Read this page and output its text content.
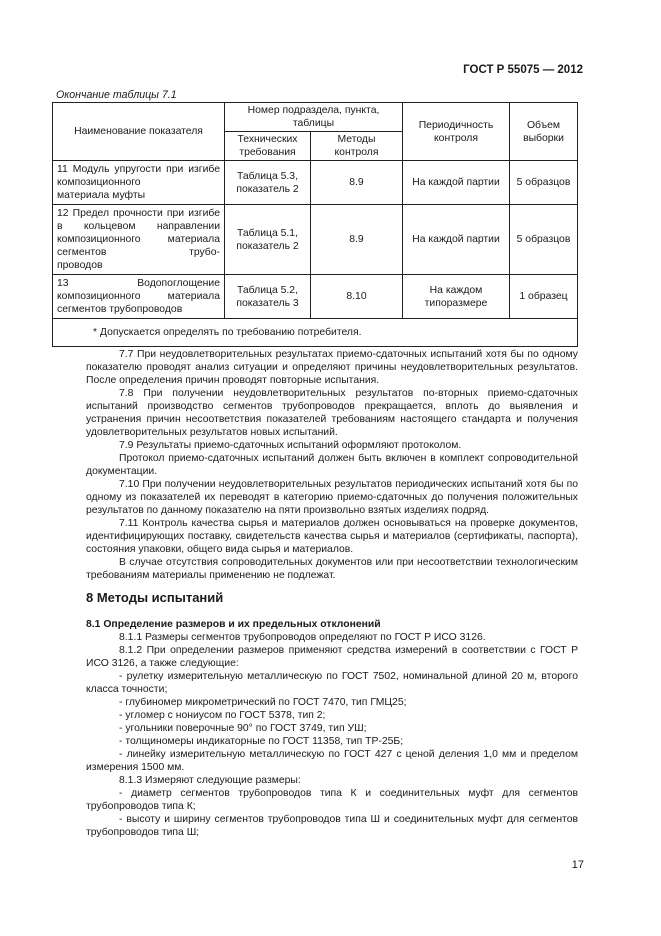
ГОСТ Р 55075 — 2012
Окончание таблицы 7.1
Наименование показателя	Номер подраздела, пункта, таблицы		Периодичность контроля	Объем выборки
	Технических требования	Методы контроля		
11 Модуль упругости при изгибе композиционного
материала муфты	Таблица 5.3, показатель 2	8.9	На каждой партии	5 образцов
12 Предел прочности при изгибе в кольцевом направлении композиционного материала сегментов трубо-
проводов	Таблица 5.1, показатель 2	8.9	На каждой партии	5 образцов
13 Водопоглощение композиционного материала
сегментов трубопроводов	Таблица 5.2, показатель 3	8.10	На каждом типоразмере	1 образец
* Допускается определять по требованию потребителя.				

7.7 При неудовлетворительных результатах приемо-сдаточных испытаний хотя бы по одному показателю проводят анализ ситуации и определяют причины неудовлетворительных результатов. После определения причин проводят повторные испытания.

7.8 При получении неудовлетворительных результатов по-вторных приемо-сдаточных испытаний производство сегментов трубопроводов прекращается, вплоть до выявления и устранения причин несоответствия показателей требованиям настоящего стандарта и получения удовлетворительных результатов новых испытаний.

7.9 Результаты приемо-сдаточных испытаний оформляют протоколом.

Протокол приемо-сдаточных испытаний должен быть включен в комплект сопроводительной документации.

7.10 При получении неудовлетворительных результатов периодических испытаний хотя бы по одному из показателей их переводят в категорию приемо-сдаточных до получения положительных результатов по данному показателю на пяти произвольно взятых изделиях подряд.

7.11 Контроль качества сырья и материалов должен основываться на проверке документов, идентифицирующих поставку, свидетельств качества сырья и материалов (сертификаты, паспорта), состояния упаковки, общего вида сырья и материалов.

В случае отсутствия сопроводительных документов или при несоответствии технологическим требованиям материалы применению не подлежат.

8 Методы испытаний

8.1 Определение размеров и их предельных отклонений

8.1.1 Размеры сегментов трубопроводов определяют по ГОСТ Р ИСО 3126.

8.1.2 При определении размеров применяют средства измерений в соответствии с ГОСТ Р ИСО 3126, а также следующие:

- рулетку измерительную металлическую по ГОСТ 7502, номинальной длиной 20 м, второго класса точности;

- глубиномер микрометрический по ГОСТ 7470, тип ГМЦ25;

- угломер с нониусом по ГОСТ 5378, тип 2;

- угольники поверочные 90° по ГОСТ 3749, тип УШ;

- толщиномеры индикаторные по ГОСТ 11358, тип ТР-25Б;

- линейку измерительную металлическую по ГОСТ 427 с ценой деления 1,0 мм и пределом измерения 1500 мм.

8.1.3 Измеряют следующие размеры:

- диаметр сегментов трубопроводов типа К и соединительных муфт для сегментов трубопроводов типа К;

- высоту и ширину сегментов трубопроводов типа Ш и соединительных муфт для сегментов трубопроводов типа Ш;

17
